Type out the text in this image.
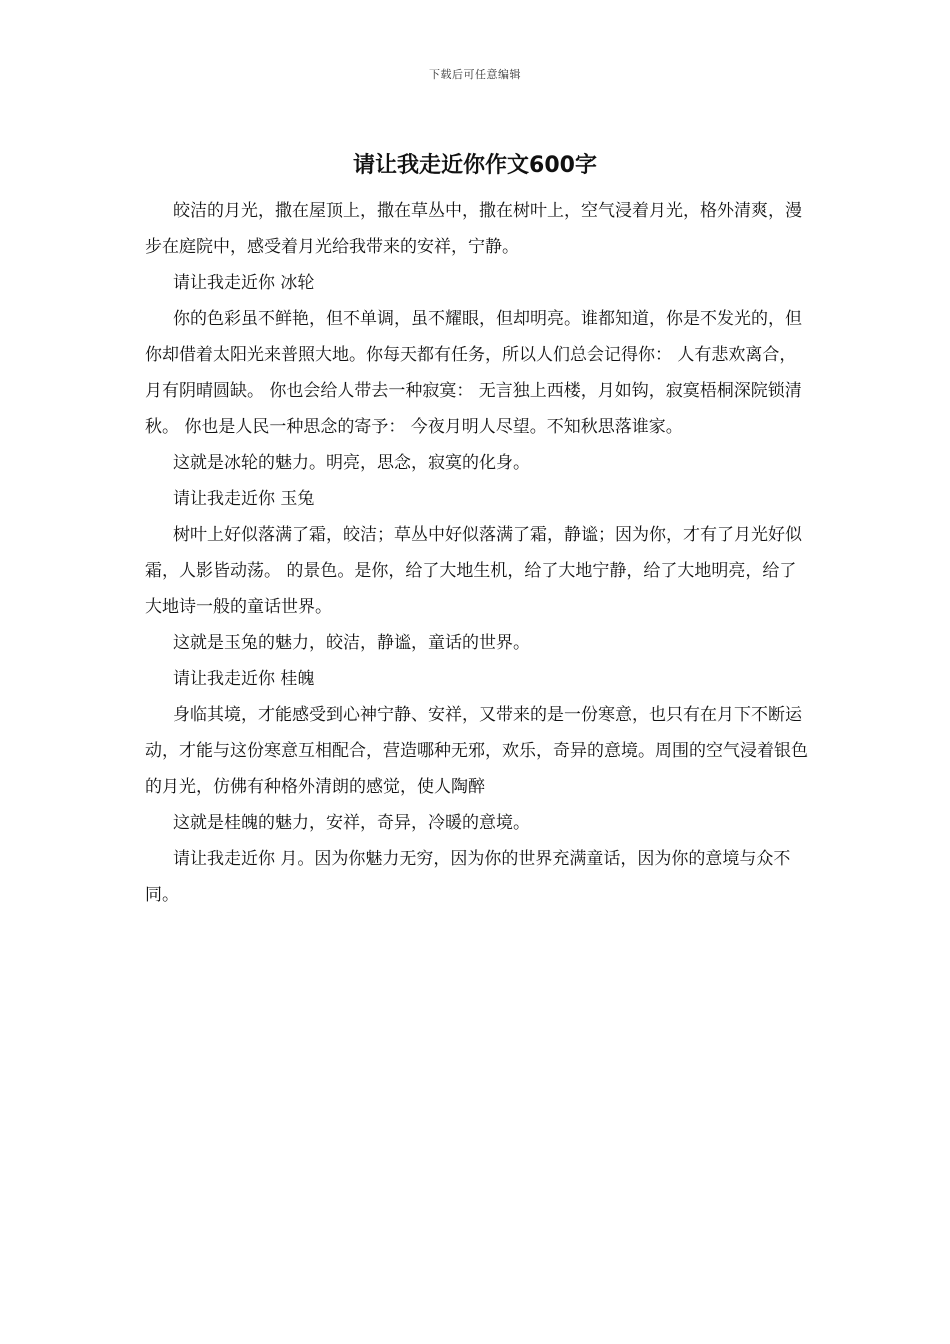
下载后可任意编辑
请让我走近你作文600字

皎洁的月光，撒在屋顶上，撒在草丛中，撒在树叶上，空气浸着月光，格外清爽，漫步在庭院中，感受着月光给我带来的安祥，宁静。

请让我走近你 冰轮

你的色彩虽不鲜艳，但不单调，虽不耀眼，但却明亮。谁都知道，你是不发光的，但你却借着太阳光来普照大地。你每天都有任务，所以人们总会记得你： 人有悲欢离合，月有阴晴圆缺。 你也会给人带去一种寂寞： 无言独上西楼，月如钩，寂寞梧桐深院锁清秋。 你也是人民一种思念的寄予： 今夜月明人尽望。不知秋思落谁家。

这就是冰轮的魅力。明亮，思念，寂寞的化身。

请让我走近你 玉兔

树叶上好似落满了霜，皎洁；草丛中好似落满了霜，静谧；因为你，才有了月光好似霜，人影皆动荡。 的景色。是你，给了大地生机，给了大地宁静，给了大地明亮，给了大地诗一般的童话世界。

这就是玉兔的魅力，皎洁，静谧，童话的世界。

请让我走近你 桂魄

身临其境，才能感受到心神宁静、安祥，又带来的是一份寒意，也只有在月下不断运动，才能与这份寒意互相配合，营造哪种无邪，欢乐，奇异的意境。周围的空气浸着银色的月光，仿佛有种格外清朗的感觉，使人陶醉

这就是桂魄的魅力，安祥，奇异，冷暖的意境。

请让我走近你 月。因为你魅力无穷，因为你的世界充满童话，因为你的意境与众不同。
